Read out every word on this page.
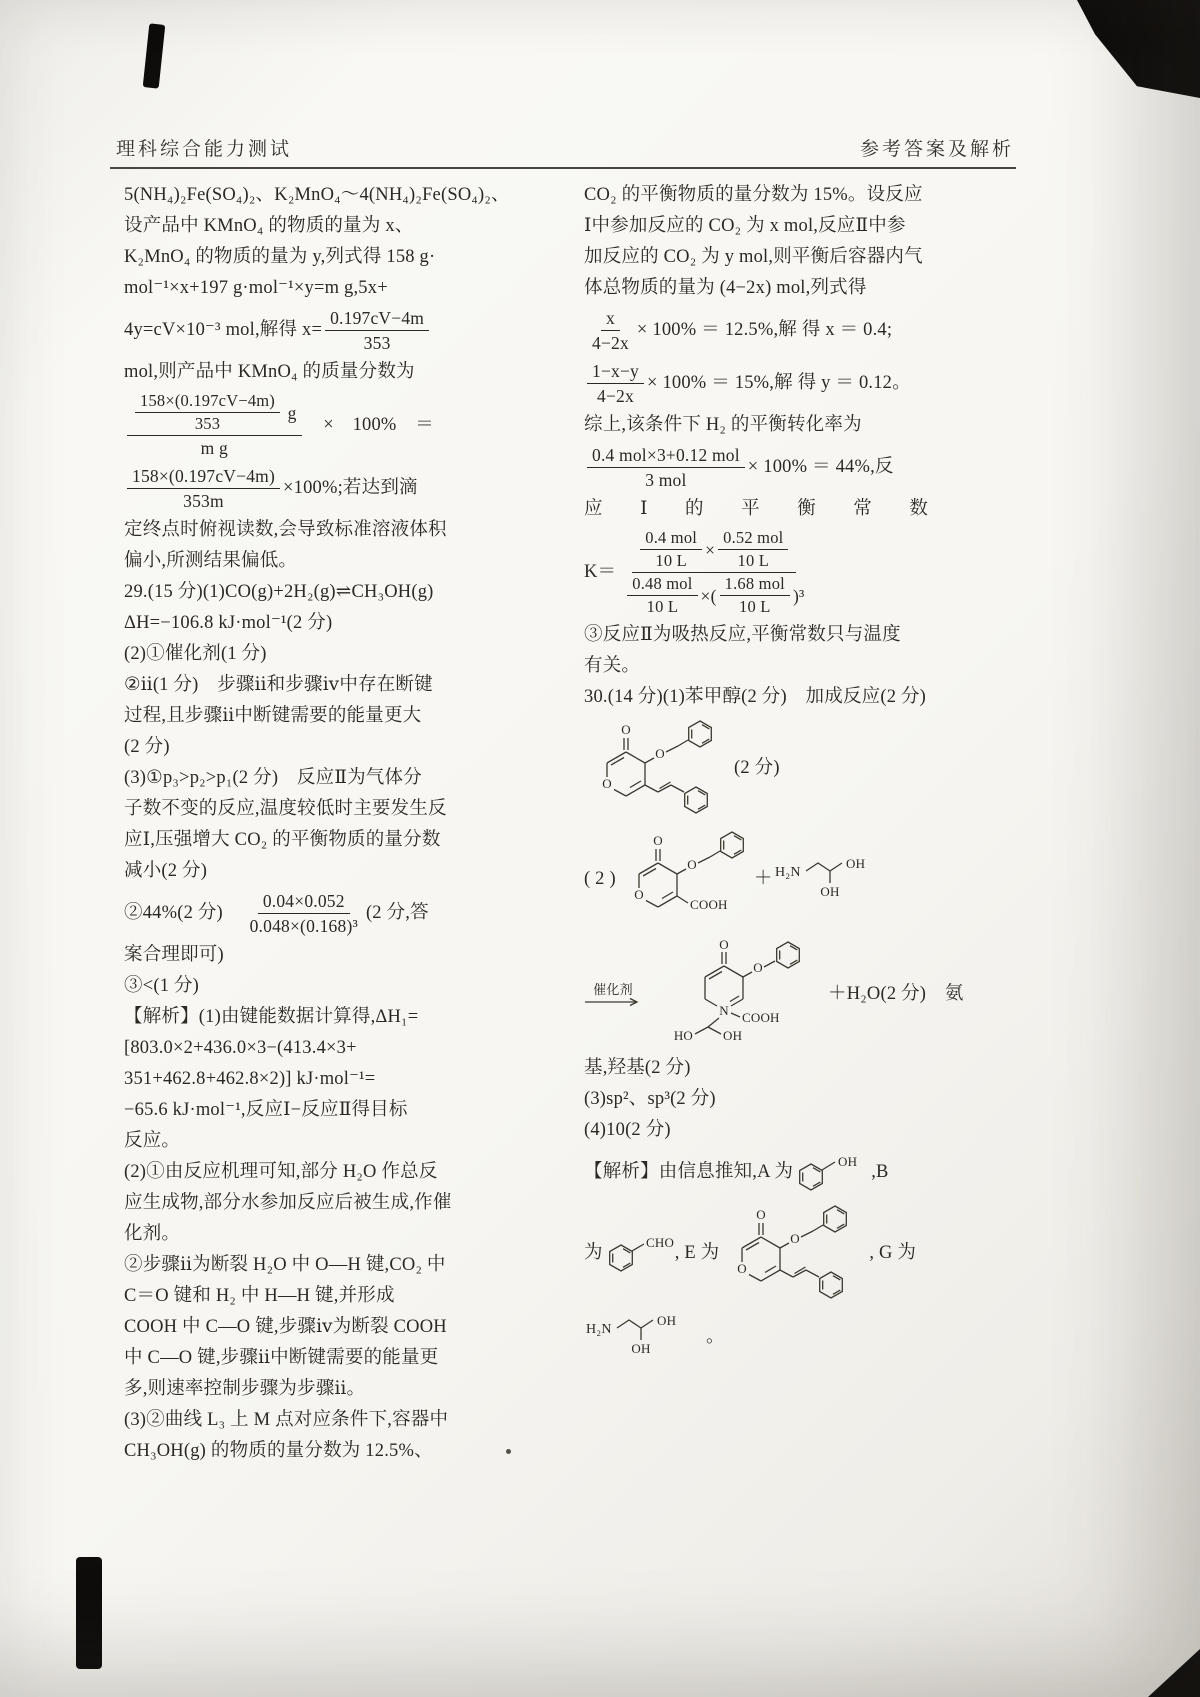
理科综合能力测试	参考答案及解析
5(NH₄)₂Fe(SO₄)₂、K₂MnO₄～4(NH₄)₂Fe(SO₄)₂、
设产品中 KMnO₄ 的物质的量为 x、
K₂MnO₄ 的物质的量为 y,列式得 158 g·
mol⁻¹×x+197 g·mol⁻¹×y=m g,5x+
4y=cV×10⁻³ mol,解得 $x= \frac{0.197cV-4m}{353}$
mol,则产品中 KMnO₄ 的质量分数为
$\frac{\frac{158\times(0.197cV-4m)}{353} g}{\text{m g}}$ 　×　100%　＝
$\frac{158\times(0.197cV-4m)}{353m} \times 100\%$;若达到滴
定终点时俯视读数,会导致标准溶液体积
偏小,所测结果偏低。
29.(15 分)(1)CO(g)+2H₂(g)⇌CH₃OH(g)
ΔH=−106.8 kJ·mol⁻¹(2 分)
(2)①催化剂(1 分)
②ⅱ(1 分)　步骤ⅱ和步骤ⅳ中存在断键
过程,且步骤ⅱ中断键需要的能量更大
(2 分)
(3)①p₃>p₂>p₁(2 分)　反应Ⅱ为气体分
子数不变的反应,温度较低时主要发生反
应Ⅰ,压强增大 CO₂ 的平衡物质的量分数
减小(2 分)
②44%(2 分)　 $\frac{0.04\times 0.052}{\text{0.048×(0.168)³}} (2$ 分,答
案合理即可)
③<(1 分)
【解析】(1)由键能数据计算得,ΔH₁=
[803.0×2+436.0×3−(413.4×3+
351+462.8+462.8×2)] kJ·mol⁻¹=
−65.6 kJ·mol⁻¹,反应Ⅰ−反应Ⅱ得目标
反应。
(2)①由反应机理可知,部分 H₂O 作总反
应生成物,部分水参加反应后被生成,作催
化剂。
②步骤ⅱ为断裂 H₂O 中 O—H 键,CO₂ 中
C＝O 键和 H₂ 中 H—H 键,并形成
COOH 中 C—O 键,步骤ⅳ为断裂 COOH
中 C—O 键,步骤ⅱ中断键需要的能量更
多,则速率控制步骤为步骤ⅱ。
(3)②曲线 L₃ 上 M 点对应条件下,容器中
CH₃OH(g) 的物质的量分数为 12.5%、
CO₂ 的平衡物质的量分数为 15%。设反应
Ⅰ中参加反应的 CO₂ 为 x mol,反应Ⅱ中参
加反应的 CO₂ 为 y mol,则平衡后容器内气
体总物质的量为 (4−2x) mol,列式得
$\frac{x}{4-2x} \times 100\% = 12.5\%$,解 得 x ＝ 0.4;
$\frac{1-x-y}{4-2x} \times 100\% = 15\%$,解 得 y ＝ 0.12。
综上,该条件下 H₂ 的平衡转化率为
$\frac{\text{0.4 mol×3+0.12 mol}}{\text{3 mol}} \times 100\% = 44\%$,反
应　　Ⅰ　　的　　平　　衡　　常　　数
K＝
$\frac{\text{0.4 mol}}{10 L} \times \frac{\text{0.52 mol}}{10 L}$
$\frac{\text{0.48 mol}}{10 L}$ ×( $\frac{\text{1.68 mol}}{10 L} )^3$
③反应Ⅱ为吸热反应,平衡常数只与温度
有关。
30.(14 分)(1)苯甲醇(2 分)　加成反应(2 分)
O
O
O
(2 分)
( 2 )
O
O
O
COOH
＋ H₂N
OH
OH
催化剂
N
O
O
COOH
HO OH
＋H₂O(2 分)　氨
基,羟基(2 分)
(3)sp²、sp³(2 分)
(4)10(2 分)
【解析】由信息推知,A 为	OH ,B
为
CHO
, E 为
O
O
O
, G 为
H₂N
OH
OH
。
